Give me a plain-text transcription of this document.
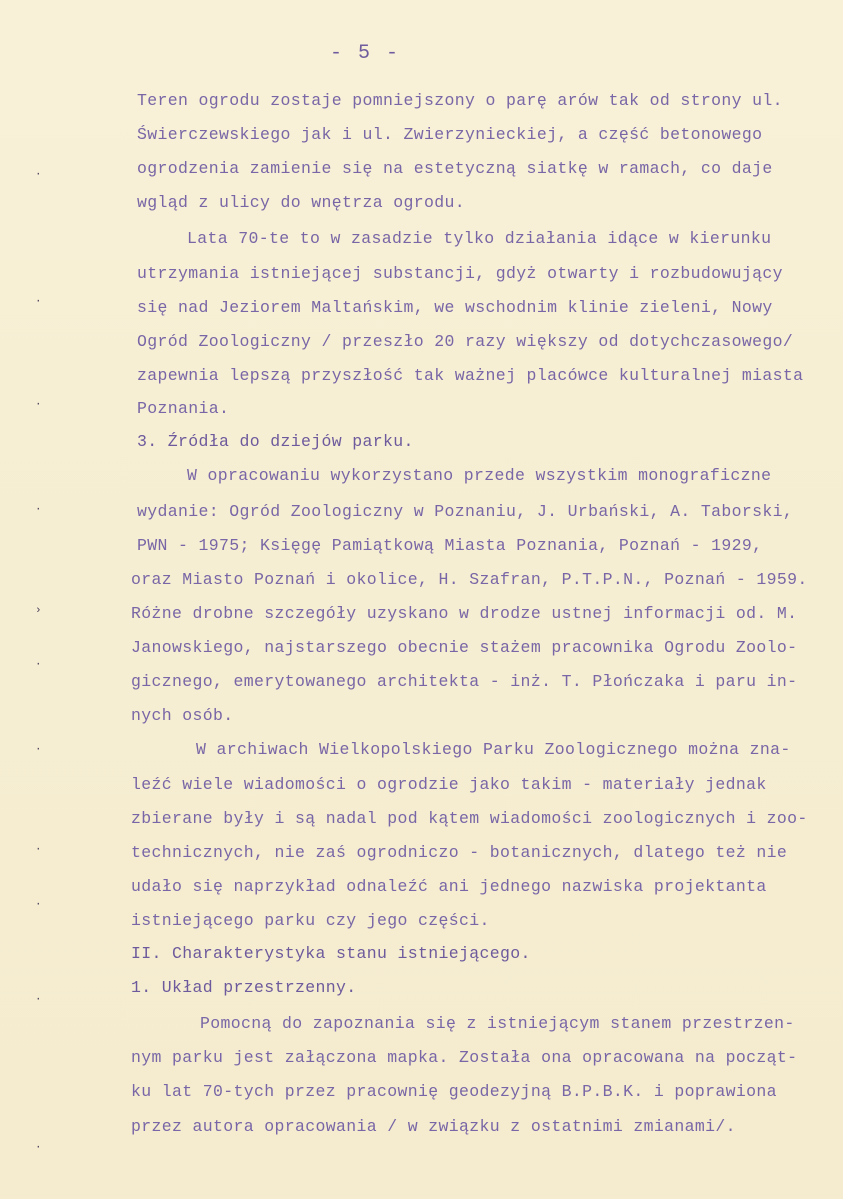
- 5 -
Teren ogrodu zostaje pomniejszony o parę arów tak od strony ul.
Świerczewskiego jak i ul. Zwierzynieckiej, a część betonowego
ogrodzenia zamienie się na estetyczną siatkę w ramach, co daje
wgląd z ulicy do wnętrza ogrodu.
Lata 70-te to w zasadzie tylko działania idące w kierunku
utrzymania istniejącej substancji, gdyż otwarty i rozbudowujący
się nad Jeziorem Maltańskim, we wschodnim klinie zieleni, Nowy
Ogród Zoologiczny / przeszło 20 razy większy od dotychczasowego/
zapewnia lepszą przyszłość tak ważnej placówce kulturalnej miasta
Poznania.
3. Źródła do dziejów parku.
W opracowaniu wykorzystano przede wszystkim monograficzne
wydanie: Ogród Zoologiczny w Poznaniu, J. Urbański, A. Taborski,
PWN - 1975; Księgę Pamiątkową Miasta Poznania, Poznań - 1929,
oraz Miasto Poznań i okolice, H. Szafran, P.T.P.N., Poznań - 1959.
Różne drobne szczegóły uzyskano w drodze ustnej informacji od. M.
Janowskiego, najstarszego obecnie stażem pracownika Ogrodu Zoolo-
gicznego, emerytowanego architekta - inż. T. Płończaka i paru in-
nych osób.
W archiwach Wielkopolskiego Parku Zoologicznego można zna-
leźć wiele wiadomości o ogrodzie jako takim - materiały jednak
zbierane były i są nadal pod kątem wiadomości zoologicznych i zoo-
technicznych, nie zaś ogrodniczo - botanicznych, dlatego też nie
udało się naprzykład odnaleźć ani jednego nazwiska projektanta
istniejącego parku czy jego części.
II. Charakterystyka stanu istniejącego.
1. Układ przestrzenny.
Pomocną do zapoznania się z istniejącym stanem przestrzen-
nym parku jest załączona mapka. Została ona opracowana na począt-
ku lat 70-tych przez pracownię geodezyjną B.P.B.K. i poprawiona
przez autora opracowania / w związku z ostatnimi zmianami/.
·
·
·
·
›
·
·
·
·
·
·
